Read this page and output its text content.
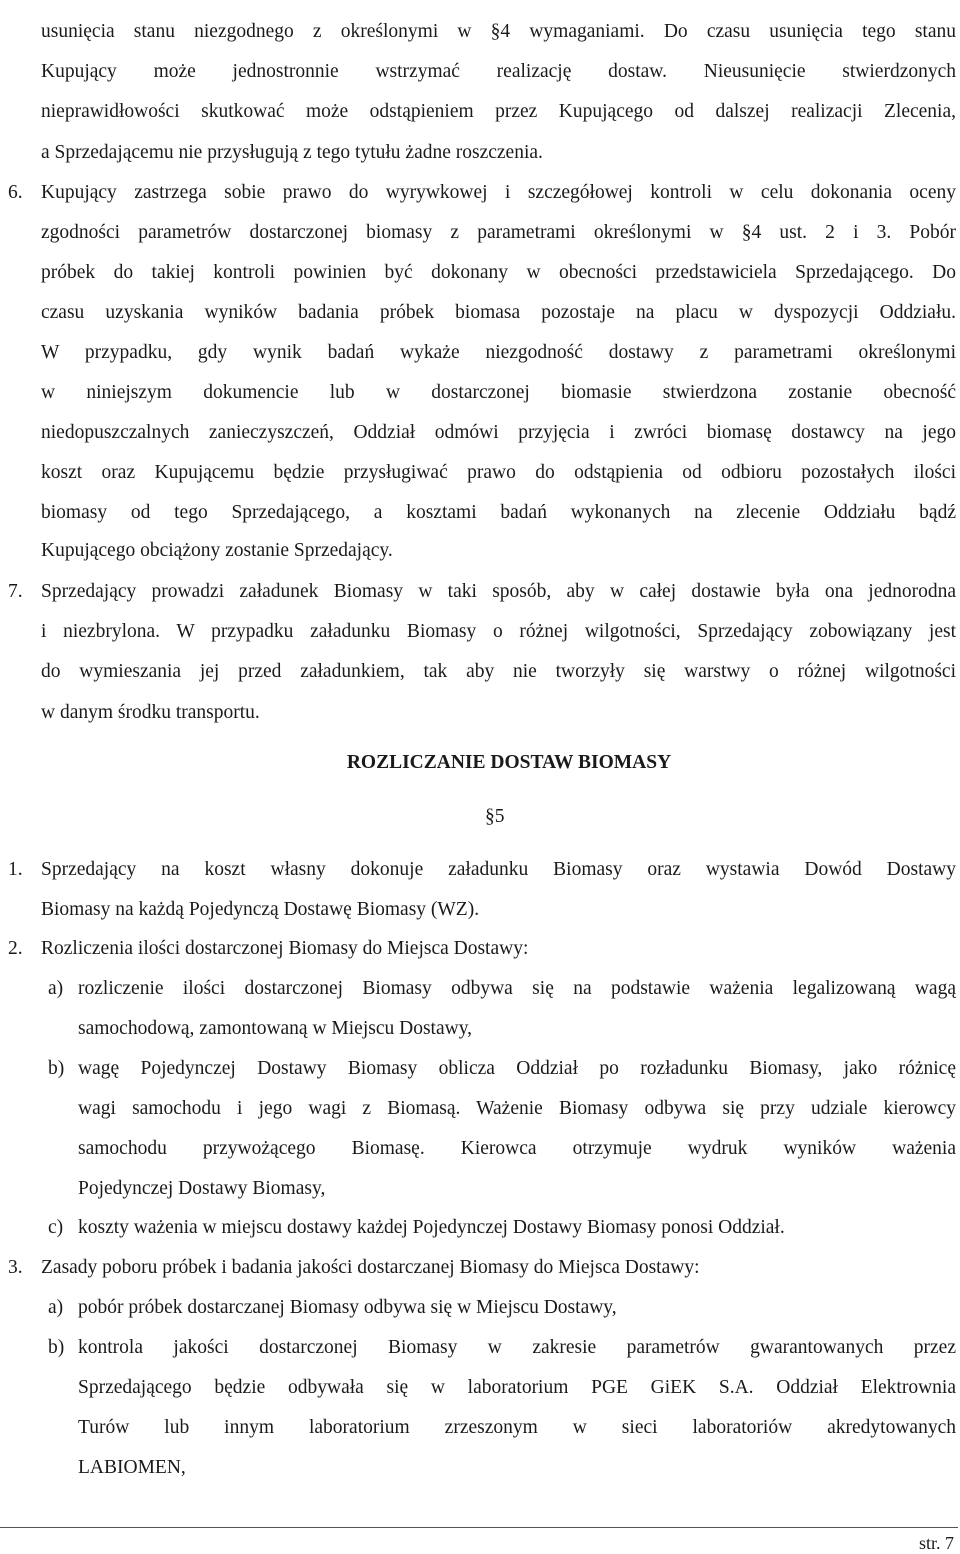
usunięcia stanu niezgodnego z określonymi w §4 wymaganiami. Do czasu usunięcia tego stanu
Kupujący może jednostronnie wstrzymać realizację dostaw. Nieusunięcie stwierdzonych
nieprawidłowości skutkować może odstąpieniem przez Kupującego od dalszej realizacji Zlecenia,
a Sprzedającemu nie przysługują z tego tytułu żadne roszczenia.
6. Kupujący zastrzega sobie prawo do wyrywkowej i szczegółowej kontroli w celu dokonania oceny
zgodności parametrów dostarczonej biomasy z parametrami określonymi w §4 ust. 2 i 3. Pobór
próbek do takiej kontroli powinien być dokonany w obecności przedstawiciela Sprzedającego. Do
czasu uzyskania wyników badania próbek biomasa pozostaje na placu w dyspozycji Oddziału.
W przypadku, gdy wynik badań wykaże niezgodność dostawy z parametrami określonymi
w niniejszym dokumencie lub w dostarczonej biomasie stwierdzona zostanie obecność
niedopuszczalnych zanieczyszczeń, Oddział odmówi przyjęcia i zwróci biomasę dostawcy na jego
koszt oraz Kupującemu będzie przysługiwać prawo do odstąpienia od odbioru pozostałych ilości
biomasy od tego Sprzedającego, a kosztami badań wykonanych na zlecenie Oddziału bądź
Kupującego obciążony zostanie Sprzedający.
7. Sprzedający prowadzi załadunek Biomasy w taki sposób, aby w całej dostawie była ona jednorodna
i niezbrylona. W przypadku załadunku Biomasy o różnej wilgotności, Sprzedający zobowiązany jest
do wymieszania jej przed załadunkiem, tak aby nie tworzyły się warstwy o różnej wilgotności
w danym środku transportu.
ROZLICZANIE DOSTAW BIOMASY
§5
1. Sprzedający na koszt własny dokonuje załadunku Biomasy oraz wystawia Dowód Dostawy
Biomasy na każdą Pojedynczą Dostawę Biomasy (WZ).
2. Rozliczenia ilości dostarczonej Biomasy do Miejsca Dostawy:
a) rozliczenie ilości dostarczonej Biomasy odbywa się na podstawie ważenia legalizowaną wagą
samochodową, zamontowaną w Miejscu Dostawy,
b) wagę Pojedynczej Dostawy Biomasy oblicza Oddział po rozładunku Biomasy, jako różnicę
wagi samochodu i jego wagi z Biomasą. Ważenie Biomasy odbywa się przy udziale kierowcy
samochodu przywożącego Biomasę. Kierowca otrzymuje wydruk wyników ważenia
Pojedynczej Dostawy Biomasy,
c) koszty ważenia w miejscu dostawy każdej Pojedynczej Dostawy Biomasy ponosi Oddział.
3. Zasady poboru próbek i badania jakości dostarczanej Biomasy do Miejsca Dostawy:
a) pobór próbek dostarczanej Biomasy odbywa się w Miejscu Dostawy,
b) kontrola jakości dostarczonej Biomasy w zakresie parametrów gwarantowanych przez
Sprzedającego będzie odbywała się w laboratorium PGE GiEK S.A. Oddział Elektrownia
Turów lub innym laboratorium zrzeszonym w sieci laboratoriów akredytowanych
LABIOMEN,
str. 7
